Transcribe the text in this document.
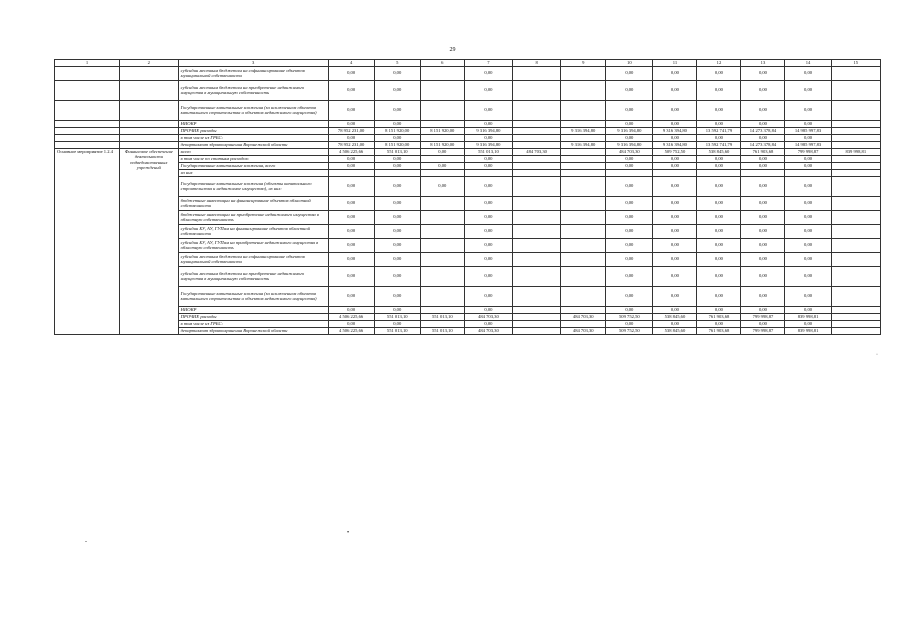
29
1	2	3	4	5	6	7	8	9	10	11	12	13	14	15
		субсидии местным бюджетам на софинансирование объектов муниципальной собственности	0,00	0,00		0,00			0,00	0,00	0,00	0,00	0,00	
		субсидии местным бюджетам на приобретение недвижимого имущества в муниципальную собственность	0,00	0,00		0,00			0,00	0,00	0,00	0,00	0,00	
		Государственные капитальные вложения (за исключением объектов капитального строительства и объектов недвижимого имущества)	0,00	0,00		0,00			0,00	0,00	0,00	0,00	0,00	
		НИОКР	0,00	0,00		0,00			0,00	0,00	0,00	0,00	0,00	
		ПРОЧИЕ расходы	78 952 231,00	8 151 920,00	8 151 920,00	9 316 394,80		9 316 394,80	9 316 394,80	9 316 394,80	13 592 741,79	14 273 378,84	14 985 997,83	
		в том числе из ГРБС:	0,00	0,00		0,00			0,00	0,00	0,00	0,00	0,00	
		департамент здравоохранения Воронежской области	78 952 231,00	8 151 920,00	8 151 920,00	9 316 394,80		9 316 394,80	9 316 394,80	9 316 394,80	13 592 741,79	14 273 378,84	14 985 997,83	
Основное мероприятие 1.2.4	Финансовое обеспечение деятельности подведомственных учреждений	всего	4 506 225,66	551 013,10	0,00	551 013,10	484 703,30		484 703,30	509 752,50	538 845,60	761 903,68	799 998,87	839 998,81
		в том числе по статьям расходов:	0,00	0,00		0,00			0,00	0,00	0,00	0,00	0,00	
		Государственные капитальные вложения, всего	0,00	0,00	0,00	0,00			0,00	0,00	0,00	0,00	0,00	
		из них												
		Государственные капитальные вложения (объекты капитального строительства и недвижимое имущество), из них:	0,00	0,00	0,00	0,00			0,00	0,00	0,00	0,00	0,00	
		бюджетные инвестиции на финансирование объектов областной собственности	0,00	0,00		0,00			0,00	0,00	0,00	0,00	0,00	
		бюджетные инвестиции на приобретение недвижимого имущества в областную собственность	0,00	0,00		0,00			0,00	0,00	0,00	0,00	0,00	
		субсидии БУ, АУ, ГУПам на финансирование объектов областной собственности	0,00	0,00		0,00			0,00	0,00	0,00	0,00	0,00	
		субсидии БУ, АУ, ГУПам на приобретение недвижимого имущества в областную собственность	0,00	0,00		0,00			0,00	0,00	0,00	0,00	0,00	
		субсидии местным бюджетам на софинансирование объектов муниципальной собственности	0,00	0,00		0,00			0,00	0,00	0,00	0,00	0,00	
		субсидии местным бюджетам на приобретение недвижимого имущества в муниципальную собственность	0,00	0,00		0,00			0,00	0,00	0,00	0,00	0,00	
		Государственные капитальные вложения (за исключением объектов капитального строительства и объектов недвижимого имущества)	0,00	0,00		0,00			0,00	0,00	0,00	0,00	0,00	
		НИОКР	0,00	0,00		0,00			0,00	0,00	0,00	0,00	0,00	
		ПРОЧИЕ расходы	4 506 225,66	551 013,10	551 013,10	484 703,30		484 703,30	509 752,50	538 845,60	761 903,68	799 998,87	839 998,81	
		в том числе из ГРБС:	0,00	0,00		0,00			0,00	0,00	0,00	0,00	0,00	
		департамент здравоохранения Воронежской области	4 506 225,66	551 013,10	551 013,10	484 703,30		484 703,30	509 752,50	538 845,60	761 903,68	799 998,87	839 998,81	
·
•
-
